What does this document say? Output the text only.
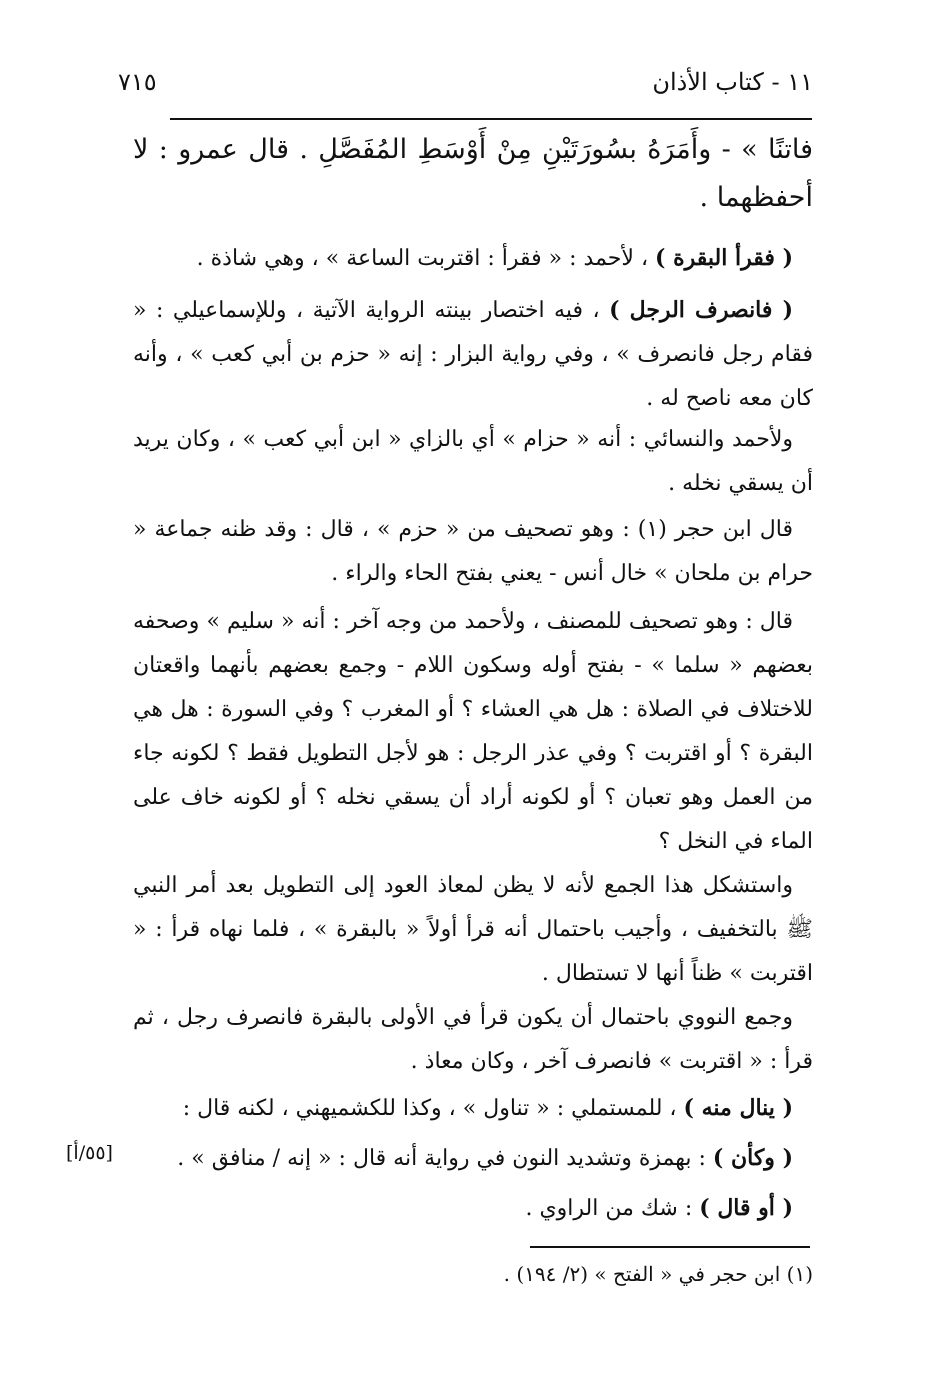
٧١٥	١١ - كتاب الأذان
فاتنًا » - وأَمَرَهُ بسُورَتَيْنِ مِنْ أَوْسَطِ المُفَصَّلِ . قال عمرو : لا أحفظهما .
( فقرأ البقرة ) ، لأحمد : « فقرأ : اقتربت الساعة » ، وهي شاذة .
( فانصرف الرجل ) ، فيه اختصار بينته الرواية الآتية ، وللإسماعيلي : « فقام رجل فانصرف » ، وفي رواية البزار : إنه « حزم بن أبي كعب » ، وأنه كان معه ناصح له .
ولأحمد والنسائي : أنه « حزام » أي بالزاي « ابن أبي كعب » ، وكان يريد أن يسقي نخله .
قال ابن حجر (١) : وهو تصحيف من « حزم » ، قال : وقد ظنه جماعة « حرام بن ملحان » خال أنس - يعني بفتح الحاء والراء .
قال : وهو تصحيف للمصنف ، ولأحمد من وجه آخر : أنه « سليم » وصحفه بعضهم « سلما » - بفتح أوله وسكون اللام - وجمع بعضهم بأنهما واقعتان للاختلاف في الصلاة : هل هي العشاء ؟ أو المغرب ؟ وفي السورة : هل هي البقرة ؟ أو اقتربت ؟ وفي عذر الرجل : هو لأجل التطويل فقط ؟ لكونه جاء من العمل وهو تعبان ؟ أو لكونه أراد أن يسقي نخله ؟ أو لكونه خاف على الماء في النخل ؟
واستشكل هذا الجمع لأنه لا يظن لمعاذ العود إلى التطويل بعد أمر النبي ﷺ بالتخفيف ، وأجيب باحتمال أنه قرأ أولاً « بالبقرة » ، فلما نهاه قرأ : « اقتربت » ظناً أنها لا تستطال .
وجمع النووي باحتمال أن يكون قرأ في الأولى بالبقرة فانصرف رجل ، ثم قرأ : « اقتربت » فانصرف آخر ، وكان معاذ .
( ينال منه ) ، للمستملي : « تناول » ، وكذا للكشميهني ، لكنه قال :
( وكأن ) : بهمزة وتشديد النون في رواية أنه قال : « إنه / منافق » .
( أو قال ) : شك من الراوي .
[٥٥/أ]
(١) ابن حجر في « الفتح » (٢/ ١٩٤) .
